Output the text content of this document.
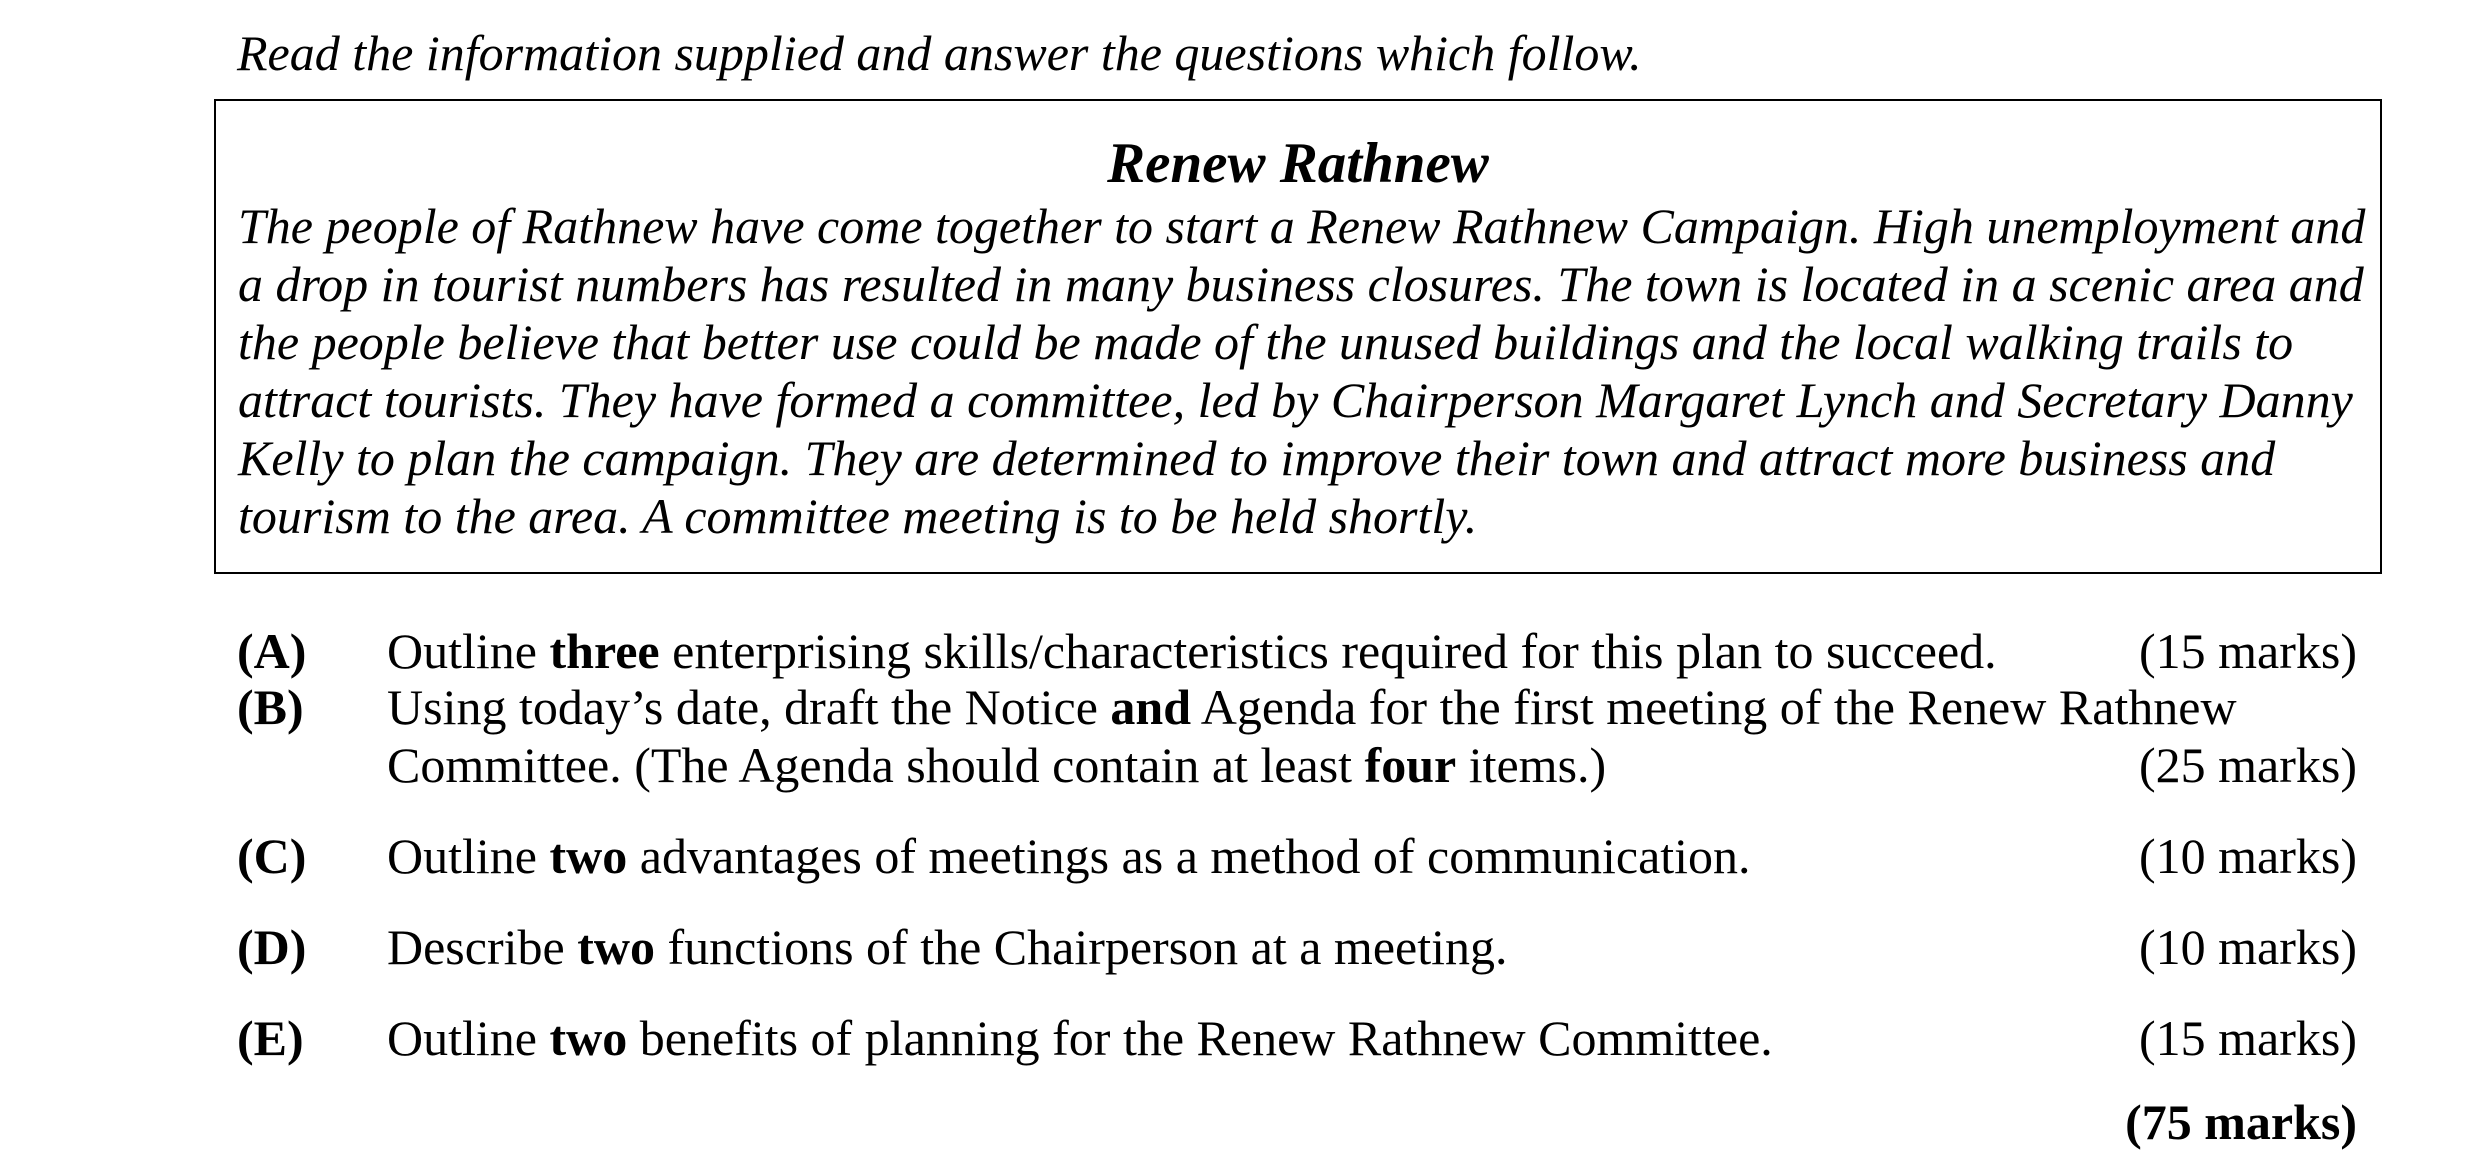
Read the information supplied and answer the questions which follow.
Renew Rathnew
The people of Rathnew have come together to start a Renew Rathnew Campaign. High unemployment and a drop in tourist numbers has resulted in many business closures. The town is located in a scenic area and the people believe that better use could be made of the unused buildings and the local walking trails to attract tourists. They have formed a committee, led by Chairperson Margaret Lynch and Secretary Danny Kelly to plan the campaign. They are determined to improve their town and attract more business and tourism to the area. A committee meeting is to be held shortly.
(A) Outline three enterprising skills/characteristics required for this plan to succeed.	(15 marks)
(B) Using today’s date, draft the Notice and Agenda for the first meeting of the Renew Rathnew
Committee. (The Agenda should contain at least four items.)	(25 marks)
(C) Outline two advantages of meetings as a method of communication.	(10 marks)
(D) Describe two functions of the Chairperson at a meeting.	(10 marks)
(E) Outline two benefits of planning for the Renew Rathnew Committee.	(15 marks)
(75 marks)
